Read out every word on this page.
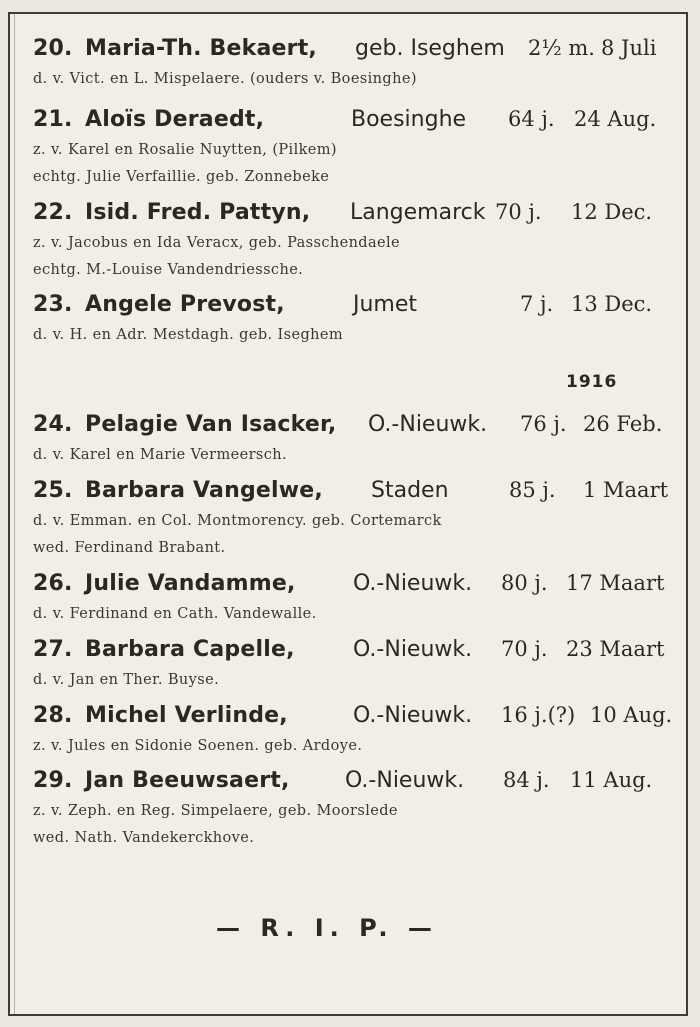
20. Maria-Th. Bekaert, geb. Iseghem 2½ m. 8 Juli
d. v. Vict. en L. Mispelaere. (ouders v. Boesinghe)
21. Aloïs Deraedt,	Boesinghe 64 j. 24 Aug.
z. v. Karel en Rosalie Nuytten, (Pilkem)
echtg. Julie Verfaillie. geb. Zonnebeke
22. Isid. Fred. Pattyn, Langemarck 70 j. 12 Dec.
z. v. Jacobus en Ida Veracx, geb. Passchendaele
echtg. M.-Louise Vandendriessche.
23. Angele Prevost,	Jumet	7 j. 13 Dec.
d. v. H. en Adr. Mestdagh. geb. Iseghem
1916
24. Pelagie Van Isacker, O.-Nieuwk. 76 j. 26 Feb.
d. v. Karel en Marie Vermeersch.
25. Barbara Vangelwe, Staden	85 j. 1 Maart
d. v. Emman. en Col. Montmorency. geb. Cortemarck
wed. Ferdinand Brabant.
26. Julie Vandamme,	O.-Nieuwk. 80 j. 17 Maart
d. v. Ferdinand en Cath. Vandewalle.
27. Barbara Capelle,	O.-Nieuwk. 70 j. 23 Maart
d. v. Jan en Ther. Buyse.
28. Michel Verlinde,	O.-Nieuwk. 16 j.(?) 10 Aug.
z. v. Jules en Sidonie Soenen. geb. Ardoye.
29. Jan Beeuwsaert,	O.-Nieuwk. 84 j. 11 Aug.
z. v. Zeph. en Reg. Simpelaere, geb. Moorslede
wed. Nath. Vandekerckhove.
— R. I. P. —
